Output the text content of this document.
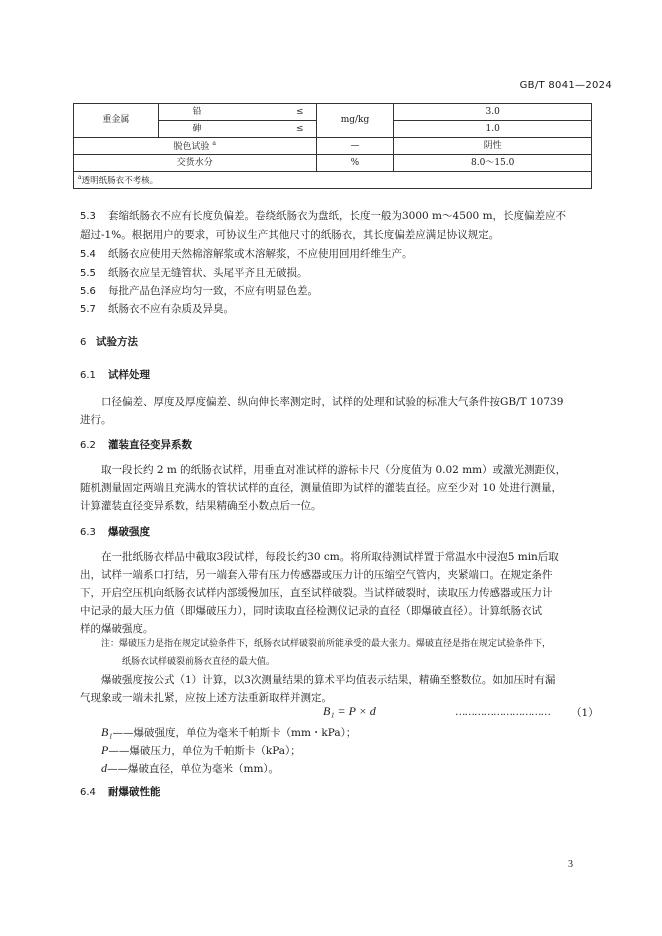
GB/T 8041—2024
重金属	铅	≤	mg/kg	3.0
	砷	≤		1.0
脱色试验 $^a$			—	阴性
交货水分			%	8.0～15.0
$^a$透明纸肠衣不考核。				
5.3 套缩纸肠衣不应有长度负偏差。卷绕纸肠衣为盘纸，长度一般为3000 m～4500 m，长度偏差应不
超过-1%。根据用户的要求，可协议生产其他尺寸的纸肠衣，其长度偏差应满足协议规定。
5.4 纸肠衣应使用天然棉溶解浆或木溶解浆，不应使用回用纤维生产。
5.5 纸肠衣应呈无缝管状、头尾平齐且无破损。
5.6 每批产品色泽应均匀一致，不应有明显色差。
5.7 纸肠衣不应有杂质及异臭。
6 试验方法
6.1 试样处理
口径偏差、厚度及厚度偏差、纵向伸长率测定时，试样的处理和试验的标准大气条件按GB/T 10739
进行。
6.2 灌装直径变异系数
取一段长约 2 m 的纸肠衣试样，用垂直对准试样的游标卡尺（分度值为 0.02 mm）或激光测距仪，
随机测量固定两端且充满水的管状试样的直径，测量值即为试样的灌装直径。应至少对 10 处进行测量，
计算灌装直径变异系数，结果精确至小数点后一位。
6.3 爆破强度
在一批纸肠衣样品中截取3段试样，每段长约30 cm。将所取待测试样置于常温水中浸泡5 min后取
出，试样一端系口打结，另一端套入带有压力传感器或压力计的压缩空气管内，夹紧端口。在规定条件
下，开启空压机向纸肠衣试样内部缓慢加压，直至试样破裂。当试样破裂时，读取压力传感器或压力计
中记录的最大压力值（即爆破压力），同时读取直径检测仪记录的直径（即爆破直径）。计算纸肠衣试
样的爆破强度。
注：爆破压力是指在规定试验条件下，纸肠衣试样破裂前所能承受的最大张力。爆破直径是指在规定试验条件下，
纸肠衣试样破裂前肠衣直径的最大值。
爆破强度按公式（1）计算，以3次测量结果的算术平均值表示结果，精确至整数位。如加压时有漏
气现象或一端未扎紧，应按上述方法重新取样并测定。
B₁ = P × d	………………………… （1）
B₁——爆破强度，单位为毫米千帕斯卡（mm・kPa）；
P——爆破压力，单位为千帕斯卡（kPa）；
d——爆破直径，单位为毫米（mm）。
6.4 耐爆破性能
3
